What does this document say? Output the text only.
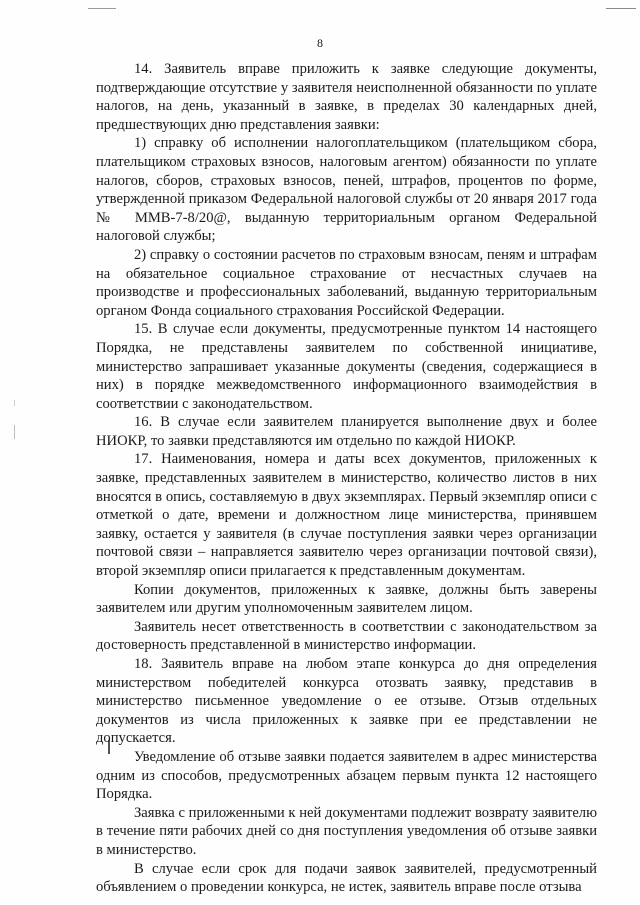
8

14. Заявитель вправе приложить к заявке следующие документы, подтверждающие отсутствие у заявителя неисполненной обязанности по уплате налогов, на день, указанный в заявке, в пределах 30 календарных дней, предшествующих дню представления заявки:

1) справку об исполнении налогоплательщиком (плательщиком сбора, плательщиком страховых взносов, налоговым агентом) обязанности по уплате налогов, сборов, страховых взносов, пеней, штрафов, процентов по форме, утвержденной приказом Федеральной налоговой службы от 20 января 2017 года № ММВ-7-8/20@, выданную территориальным органом Федеральной налоговой службы;

2) справку о состоянии расчетов по страховым взносам, пеням и штрафам на обязательное социальное страхование от несчастных случаев на производстве и профессиональных заболеваний, выданную территориальным органом Фонда социального страхования Российской Федерации.

15. В случае если документы, предусмотренные пунктом 14 настоящего Порядка, не представлены заявителем по собственной инициативе, министерство запрашивает указанные документы (сведения, содержащиеся в них) в порядке межведомственного информационного взаимодействия в соответствии с законодательством.

16. В случае если заявителем планируется выполнение двух и более НИОКР, то заявки представляются им отдельно по каждой НИОКР.

17. Наименования, номера и даты всех документов, приложенных к заявке, представленных заявителем в министерство, количество листов в них вносятся в опись, составляемую в двух экземплярах. Первый экземпляр описи с отметкой о дате, времени и должностном лице министерства, принявшем заявку, остается у заявителя (в случае поступления заявки через организации почтовой связи – направляется заявителю через организации почтовой связи), второй экземпляр описи прилагается к представленным документам.

Копии документов, приложенных к заявке, должны быть заверены заявителем или другим уполномоченным заявителем лицом.

Заявитель несет ответственность в соответствии с законодательством за достоверность представленной в министерство информации.

18. Заявитель вправе на любом этапе конкурса до дня определения министерством победителей конкурса отозвать заявку, представив в министерство письменное уведомление о ее отзыве. Отзыв отдельных документов из числа приложенных к заявке при ее представлении не допускается.

Уведомление об отзыве заявки подается заявителем в адрес министерства одним из способов, предусмотренных абзацем первым пункта 12 настоящего Порядка.

Заявка с приложенными к ней документами подлежит возврату заявителю в течение пяти рабочих дней со дня поступления уведомления об отзыве заявки в министерство.

В случае если срок для подачи заявок заявителей, предусмотренный объявлением о проведении конкурса, не истек, заявитель вправе после отзыва
